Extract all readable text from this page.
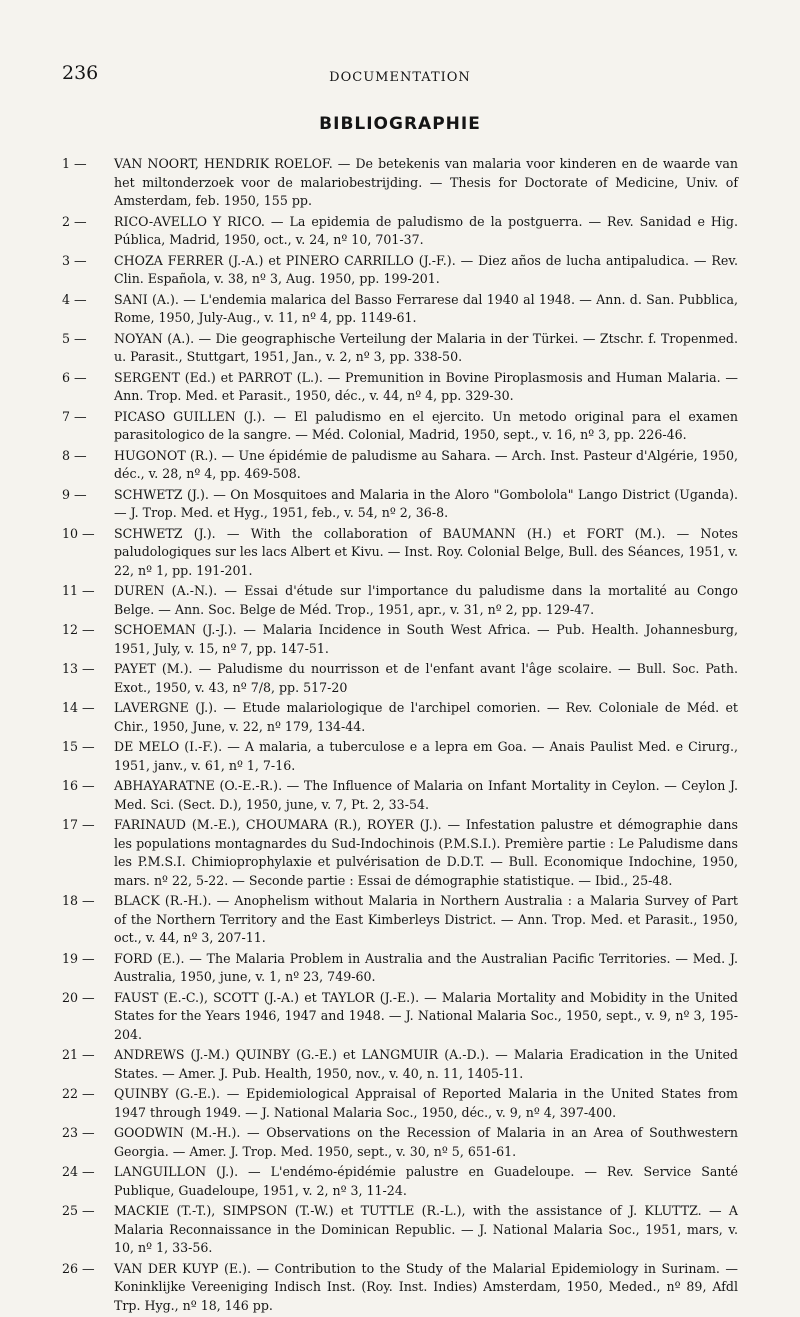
236	DOCUMENTATION
BIBLIOGRAPHIE
1 —	VAN NOORT, HENDRIK ROELOF. — De betekenis van malaria voor kinderen en de waarde van het miltonderzoek voor de malariobestrijding. — Thesis for Doctorate of Medicine, Univ. of Amsterdam, feb. 1950, 155 pp.
2 —	RICO-AVELLO Y RICO. — La epidemia de paludismo de la postguerra. — Rev. Sanidad e Hig. Pública, Madrid, 1950, oct., v. 24, nº 10, 701-37.
3 —	CHOZA FERRER (J.-A.) et PINERO CARRILLO (J.-F.). — Diez años de lucha antipaludica. — Rev. Clin. Española, v. 38, nº 3, Aug. 1950, pp. 199-201.
4 —	SANI (A.). — L'endemia malarica del Basso Ferrarese dal 1940 al 1948. — Ann. d. San. Pubblica, Rome, 1950, July-Aug., v. 11, nº 4, pp. 1149-61.
5 —	NOYAN (A.). — Die geographische Verteilung der Malaria in der Türkei. — Ztschr. f. Tropenmed. u. Parasit., Stuttgart, 1951, Jan., v. 2, nº 3, pp. 338-50.
6 —	SERGENT (Ed.) et PARROT (L.). — Premunition in Bovine Piroplasmosis and Human Malaria. — Ann. Trop. Med. et Parasit., 1950, déc., v. 44, nº 4, pp. 329-30.
7 —	PICASO GUILLEN (J.). — El paludismo en el ejercito. Un metodo original para el examen parasitologico de la sangre. — Méd. Colonial, Madrid, 1950, sept., v. 16, nº 3, pp. 226-46.
8 —	HUGONOT (R.). — Une épidémie de paludisme au Sahara. — Arch. Inst. Pasteur d'Algérie, 1950, déc., v. 28, nº 4, pp. 469-508.
9 —	SCHWETZ (J.). — On Mosquitoes and Malaria in the Aloro "Gombolola" Lango District (Uganda). — J. Trop. Med. et Hyg., 1951, feb., v. 54, nº 2, 36-8.
10 —	SCHWETZ (J.). — With the collaboration of BAUMANN (H.) et FORT (M.). — Notes paludologiques sur les lacs Albert et Kivu. — Inst. Roy. Colonial Belge, Bull. des Séances, 1951, v. 22, nº 1, pp. 191-201.
11 —	DUREN (A.-N.). — Essai d'étude sur l'importance du paludisme dans la mortalité au Congo Belge. — Ann. Soc. Belge de Méd. Trop., 1951, apr., v. 31, nº 2, pp. 129-47.
12 —	SCHOEMAN (J.-J.). — Malaria Incidence in South West Africa. — Pub. Health. Johannesburg, 1951, July, v. 15, nº 7, pp. 147-51.
13 —	PAYET (M.). — Paludisme du nourrisson et de l'enfant avant l'âge scolaire. — Bull. Soc. Path. Exot., 1950, v. 43, nº 7/8, pp. 517-20
14 —	LAVERGNE (J.). — Etude malariologique de l'archipel comorien. — Rev. Coloniale de Méd. et Chir., 1950, June, v. 22, nº 179, 134-44.
15 —	DE MELO (I.-F.). — A malaria, a tuberculose e a lepra em Goa. — Anais Paulist Med. e Cirurg., 1951, janv., v. 61, nº 1, 7-16.
16 —	ABHAYARATNE (O.-E.-R.). — The Influence of Malaria on Infant Mortality in Ceylon. — Ceylon J. Med. Sci. (Sect. D.), 1950, june, v. 7, Pt. 2, 33-54.
17 —	FARINAUD (M.-E.), CHOUMARA (R.), ROYER (J.). — Infestation palustre et démographie dans les populations montagnardes du Sud-Indochinois (P.M.S.I.). Première partie : Le Paludisme dans les P.M.S.I. Chimioprophylaxie et pulvérisation de D.D.T. — Bull. Economique Indochine, 1950, mars. nº 22, 5-22. — Seconde partie : Essai de démographie statistique. — Ibid., 25-48.
18 —	BLACK (R.-H.). — Anophelism without Malaria in Northern Australia : a Malaria Survey of Part of the Northern Territory and the East Kimberleys District. — Ann. Trop. Med. et Parasit., 1950, oct., v. 44, nº 3, 207-11.
19 —	FORD (E.). — The Malaria Problem in Australia and the Australian Pacific Territories. — Med. J. Australia, 1950, june, v. 1, nº 23, 749-60.
20 —	FAUST (E.-C.), SCOTT (J.-A.) et TAYLOR (J.-E.). — Malaria Mortality and Mobidity in the United States for the Years 1946, 1947 and 1948. — J. National Malaria Soc., 1950, sept., v. 9, nº 3, 195-204.
21 —	ANDREWS (J.-M.) QUINBY (G.-E.) et LANGMUIR (A.-D.). — Malaria Eradication in the United States. — Amer. J. Pub. Health, 1950, nov., v. 40, n. 11, 1405-11.
22 —	QUINBY (G.-E.). — Epidemiological Appraisal of Reported Malaria in the United States from 1947 through 1949. — J. National Malaria Soc., 1950, déc., v. 9, nº 4, 397-400.
23 —	GOODWIN (M.-H.). — Observations on the Recession of Malaria in an Area of Southwestern Georgia. — Amer. J. Trop. Med. 1950, sept., v. 30, nº 5, 651-61.
24 —	LANGUILLON (J.). — L'endémo-épidémie palustre en Guadeloupe. — Rev. Service Santé Publique, Guadeloupe, 1951, v. 2, nº 3, 11-24.
25 —	MACKIE (T.-T.), SIMPSON (T.-W.) et TUTTLE (R.-L.), with the assistance of J. KLUTTZ. — A Malaria Reconnaissance in the Dominican Republic. — J. National Malaria Soc., 1951, mars, v. 10, nº 1, 33-56.
26 —	VAN DER KUYP (E.). — Contribution to the Study of the Malarial Epidemiology in Surinam. — Koninklijke Vereeniging Indisch Inst. (Roy. Inst. Indies) Amsterdam, 1950, Meded., nº 89, Afdl Trp. Hyg., nº 18, 146 pp.
